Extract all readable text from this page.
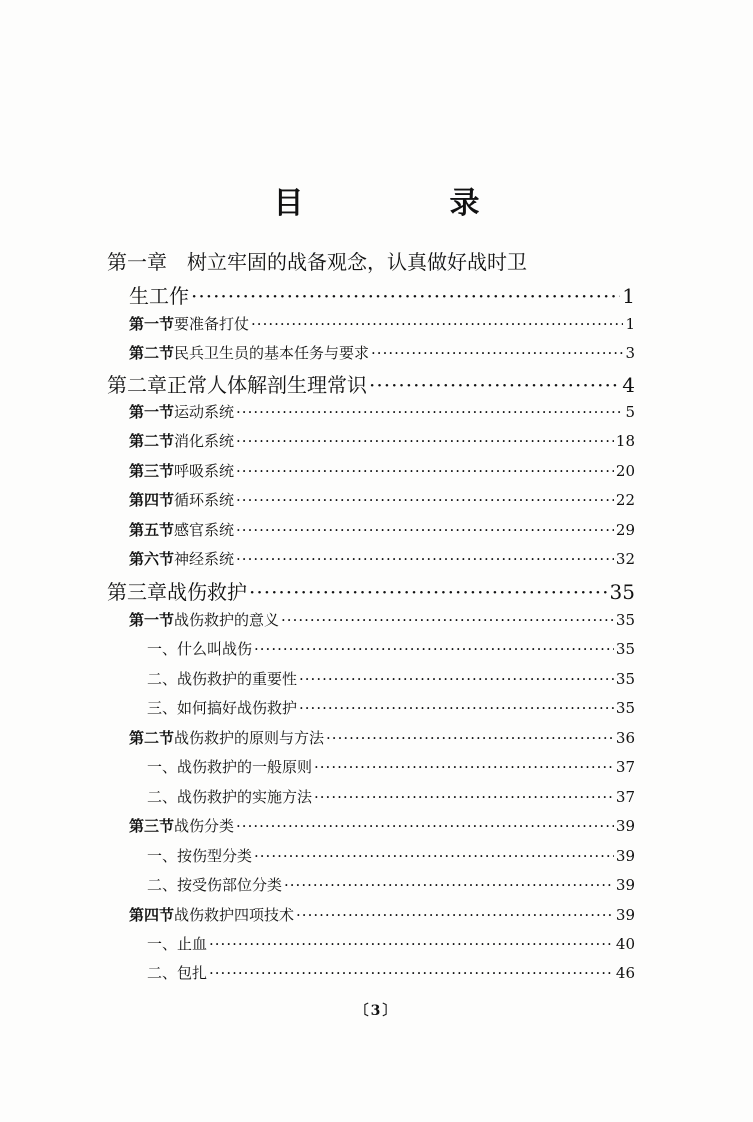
目　录
第一章	树立牢固的战备观念，认真做好战时卫
生工作 ·····	1
第一节 要准备打仗 ·····	1
第二节 民兵卫生员的基本任务与要求 ·····	3
第二章 正常人体解剖生理常识 ·····	4
第一节 运动系统 ·····	5
第二节 消化系统 ·····	18
第三节 呼吸系统 ·····	20
第四节 循环系统 ·····	22
第五节 感官系统 ·····	29
第六节 神经系统 ·····	32
第三章 战伤救护 ·····	35
第一节 战伤救护的意义 ·····	35
一、什么叫战伤 ·····	35
二、战伤救护的重要性 ·····	35
三、如何搞好战伤救护 ·····	35
第二节 战伤救护的原则与方法 ·····	36
一、战伤救护的一般原则 ·····	37
二、战伤救护的实施方法 ·····	37
第三节 战伤分类 ·····	39
一、按伤型分类 ·····	39
二、按受伤部位分类 ·····	39
第四节 战伤救护四项技术 ·····	39
一、止血 ·····	40
二、包扎 ·····	46
〔3〕
